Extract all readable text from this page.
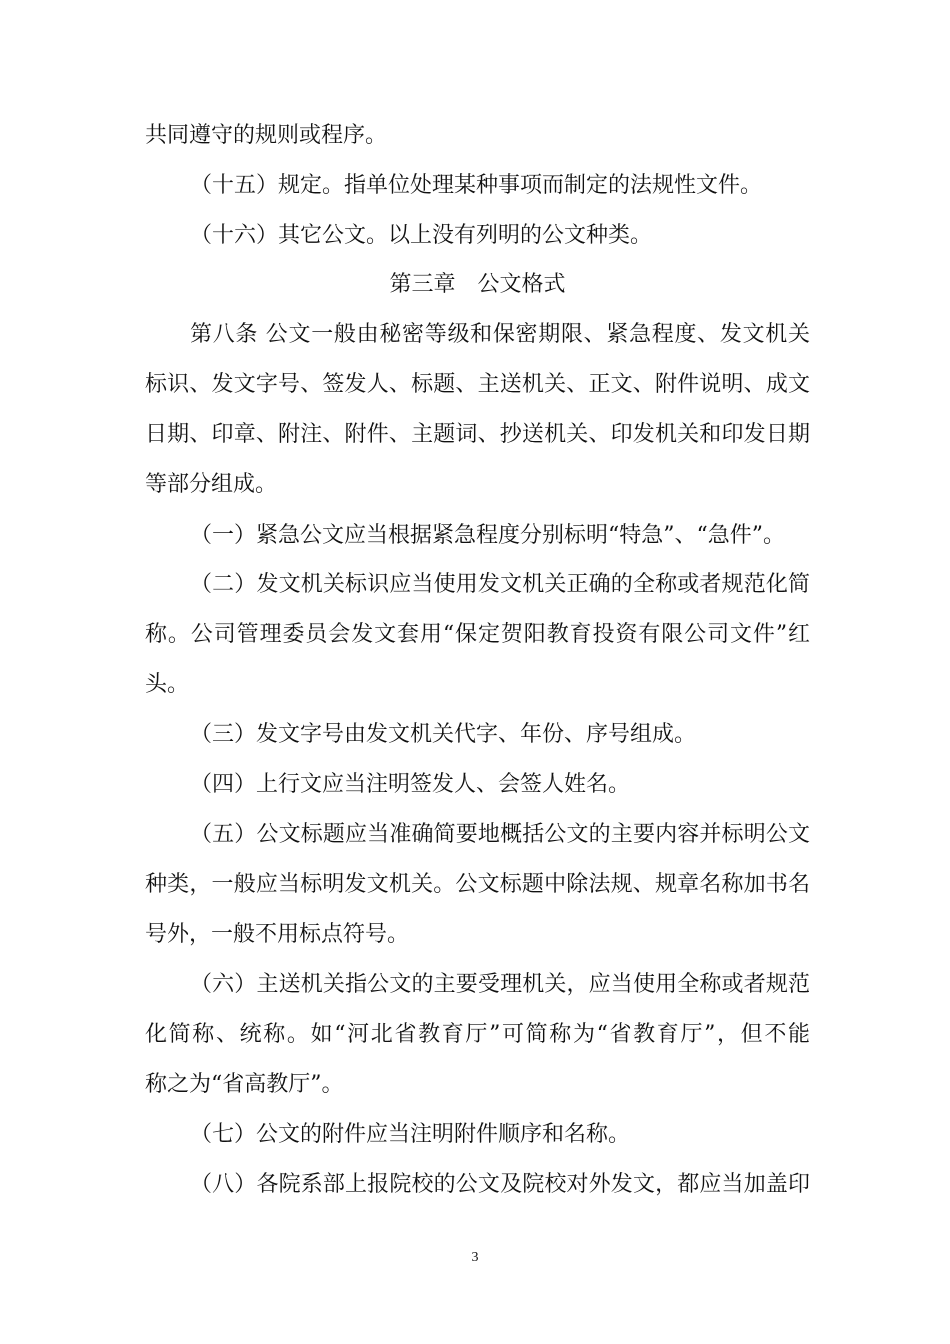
共同遵守的规则或程序。
（十五）规定。指单位处理某种事项而制定的法规性文件。
（十六）其它公文。以上没有列明的公文种类。
第三章　公文格式
第八条 公文一般由秘密等级和保密期限、紧急程度、发文机关
标识、发文字号、签发人、标题、主送机关、正文、附件说明、成文
日期、印章、附注、附件、主题词、抄送机关、印发机关和印发日期
等部分组成。
（一）紧急公文应当根据紧急程度分别标明“特急”、“急件”。
（二）发文机关标识应当使用发文机关正确的全称或者规范化简
称。公司管理委员会发文套用“保定贺阳教育投资有限公司文件”红
头。
（三）发文字号由发文机关代字、年份、序号组成。
（四）上行文应当注明签发人、会签人姓名。
（五）公文标题应当准确简要地概括公文的主要内容并标明公文
种类，一般应当标明发文机关。公文标题中除法规、规章名称加书名
号外，一般不用标点符号。
（六）主送机关指公文的主要受理机关，应当使用全称或者规范
化简称、统称。如“河北省教育厅”可简称为“省教育厅”，但不能
称之为“省高教厅”。
（七）公文的附件应当注明附件顺序和名称。
（八）各院系部上报院校的公文及院校对外发文，都应当加盖印
3
